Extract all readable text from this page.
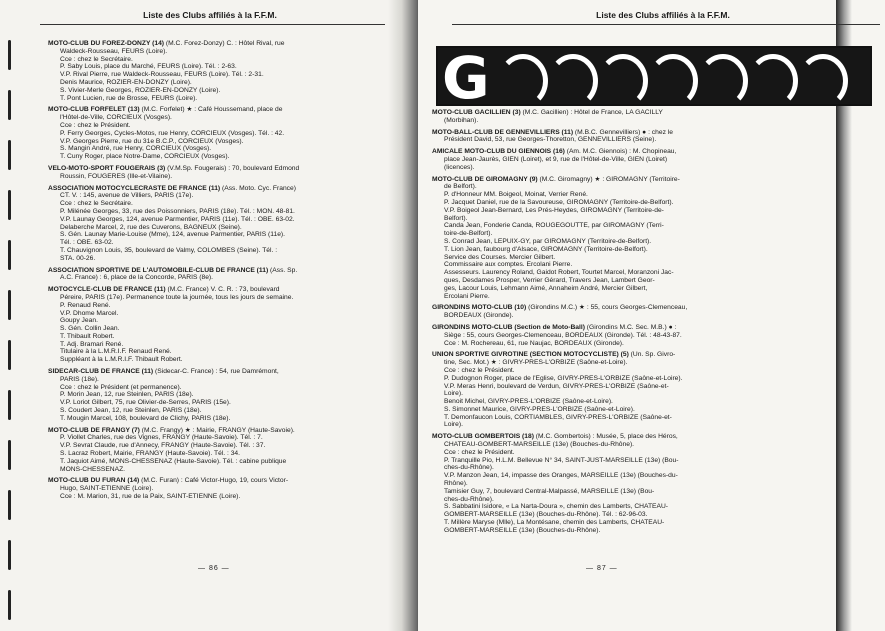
Liste des Clubs affiliés à la F.F.M.
MOTO-CLUB DU FOREZ-DONZY (14) (M.C. Forez-Donzy) C. : Hôtel Rival, rue
Waldeck-Rousseau, FEURS (Loire).
Cce : chez le Secrétaire.
P. Saby Louis, place du Marché, FEURS (Loire). Tél. : 2-63.
V.P. Rival Pierre, rue Waldeck-Rousseau, FEURS (Loire). Tél. : 2-31.
Denis Maurice, ROZIER-EN-DONZY (Loire).
S. Vivier-Merle Georges, ROZIER-EN-DONZY (Loire).
T. Pont Lucien, rue de Brosse, FEURS (Loire).
MOTO-CLUB FORFELET (13) (M.C. Forfelet) ★ : Café Houssemand, place de
l'Hôtel-de-Ville, CORCIEUX (Vosges).
Cce : chez le Président.
P. Ferry Georges, Cycles-Motos, rue Henry, CORCIEUX (Vosges). Tél. : 42.
V.P. Georges Pierre, rue du 31e B.C.P., CORCIEUX (Vosges).
S. Mangin André, rue Henry, CORCIEUX (Vosges).
T. Cuny Roger, place Notre-Dame, CORCIEUX (Vosges).
VELO-MOTO-SPORT FOUGERAIS (3) (V.M.Sp. Fougerais) : 70, boulevard Edmond
Roussin, FOUGERES (Ille-et-Vilaine).
ASSOCIATION MOTOCYCLECRASTE DE FRANCE (11) (Ass. Moto. Cyc. France)
CT. V. : 145, avenue de Villiers, PARIS (17e).
Cce : chez le Secrétaire.
P. Milénée Georges, 33, rue des Poissonniers, PARIS (18e). Tél. : MON. 48-81.
V.P. Launay Georges, 124, avenue Parmentier, PARIS (11e). Tél. : OBE. 63-02.
Delaberche Marcel, 2, rue des Cuverons, BAGNEUX (Seine).
S. Gén. Launay Marie-Louise (Mme), 124, avenue Parmentier, PARIS (11e).
Tél. : OBE. 63-02.
T. Chauvignon Louis, 35, boulevard de Valmy, COLOMBES (Seine). Tél. :
STA. 00-26.
ASSOCIATION SPORTIVE DE L'AUTOMOBILE-CLUB DE FRANCE (11) (Ass. Sp.
A.C. France) : 6, place de la Concorde, PARIS (8e).
MOTOCYCLE-CLUB DE FRANCE (11) (M.C. France) V. C. R. : 73, boulevard
Péreire, PARIS (17e). Permanence toute la journée, tous les jours de semaine.
P. Renaud René.
V.P. Dhome Marcel.
Goupy Jean.
S. Gén. Collin Jean.
T. Thibault Robert.
T. Adj. Bramari René.
Titulaire à la L.M.R.I.F. Renaud René.
Suppléant à la L.M.R.I.F. Thibault Robert.
SIDECAR-CLUB DE FRANCE (11) (Sidecar-C. France) : 54, rue Damrémont,
PARIS (18e).
Cce : chez le Président (et permanence).
P. Morin Jean, 12, rue Steinlen, PARIS (18e).
V.P. Loriot Gilbert, 75, rue Olivier-de-Serres, PARIS (15e).
S. Coudert Jean, 12, rue Steinlen, PARIS (18e).
T. Mougin Marcel, 108, boulevard de Clichy, PARIS (18e).
MOTO-CLUB DE FRANGY (7) (M.C. Frangy) ★ : Mairie, FRANGY (Haute-Savoie).
P. Viollet Charles, rue des Vignes, FRANGY (Haute-Savoie). Tél. : 7.
V.P. Sevrat Claude, rue d'Annecy, FRANGY (Haute-Savoie). Tél. : 37.
S. Lacraz Robert, Mairie, FRANGY (Haute-Savoie). Tél. : 34.
T. Jaquiot Aimé, MONS-CHESSENAZ (Haute-Savoie). Tél. : cabine publique
MONS-CHESSENAZ.
MOTO-CLUB DU FURAN (14) (M.C. Furan) : Café Victor-Hugo, 19, cours Victor-
Hugo, SAINT-ETIENNE (Loire).
Cce : M. Marion, 31, rue de la Paix, SAINT-ETIENNE (Loire).
— 86 —
Liste des Clubs affiliés à la F.F.M.
G
MOTO-CLUB GACILLIEN (3) (M.C. Gacillien) : Hôtel de France, LA GACILLY
(Morbihan).
MOTO-BALL-CLUB DE GENNEVILLIERS (11) (M.B.C. Gennevilliers) ● : chez le
Président David, 53, rue Georges-Thoretton, GENNEVILLIERS (Seine).
AMICALE MOTO-CLUB DU GIENNOIS (16) (Am. M.C. Giennois) : M. Chopineau,
place Jean-Jaurès, GIEN (Loiret), et 9, rue de l'Hôtel-de-Ville, GIEN (Loiret)
(licences).
MOTO-CLUB DE GIROMAGNY (9) (M.C. Giromagny) ★ : GIROMAGNY (Territoire-
de Belfort).
P. d'Honneur MM. Boigeol, Moinat, Verrier René.
P. Jacquet Daniel, rue de la Savoureuse, GIROMAGNY (Territoire-de-Belfort).
V.P. Boigeol Jean-Bernard, Les Prés-Heydes, GIROMAGNY (Territoire-de-
Belfort).
Canda Jean, Fonderie Canda, ROUGEGOUTTE, par GIROMAGNY (Terri-
toire-de-Belfort).
S. Conrad Jean, LEPUIX-GY, par GIROMAGNY (Territoire-de-Belfort).
T. Lion Jean, faubourg d'Alsace, GIROMAGNY (Territoire-de-Belfort).
Service des Courses. Mercier Gilbert.
Commissaire aux comptes. Ercolani Pierre.
Assesseurs. Laurency Roland, Gaidot Robert, Tourtet Marcel, Moranzoni Jac-
ques, Desdames Prosper, Verrier Gérard, Travers Jean, Lambert Geor-
ges, Lacour Louis, Lehmann Aimé, Annaheim André, Mercier Gilbert,
Ercolani Pierre.
GIRONDINS MOTO-CLUB (10) (Girondins M.C.) ★ : 55, cours Georges-Clemenceau,
BORDEAUX (Gironde).
GIRONDINS MOTO-CLUB (Section de Moto-Ball) (Girondins M.C. Sec. M.B.) ● :
Siège : 55, cours Georges-Clemenceau, BORDEAUX (Gironde). Tél. : 48-43-87.
Cce : M. Rochereau, 61, rue Naujac, BORDEAUX (Gironde).
UNION SPORTIVE GIVROTINE (SECTION MOTOCYCLISTE) (5) (Un. Sp. Givro-
tine, Sec. Mot.) ★ : GIVRY-PRES-L'ORBIZE (Saône-et-Loire).
Cce : chez le Président.
P. Dudognon Roger, place de l'Eglise, GIVRY-PRES-L'ORBIZE (Saône-et-Loire).
V.P. Meras Henri, boulevard de Verdun, GIVRY-PRES-L'ORBIZE (Saône-et-
Loire).
Benoit Michel, GIVRY-PRES-L'ORBIZE (Saône-et-Loire).
S. Simonnet Maurice, GIVRY-PRES-L'ORBIZE (Saône-et-Loire).
T. Demonfaucon Louis, CORTIAMBLES, GIVRY-PRES-L'ORBIZE (Saône-et-
Loire).
MOTO-CLUB GOMBERTOIS (18) (M.C. Gombertois) : Musée, 5, place des Héros,
CHATEAU-GOMBERT-MARSEILLE (13e) (Bouches-du-Rhône).
Cce : chez le Président.
P. Tranquille Pio, H.L.M. Bellevue N° 34, SAINT-JUST-MARSEILLE (13e) (Bou-
ches-du-Rhône).
V.P. Manzon Jean, 14, impasse des Oranges, MARSEILLE (13e) (Bouches-du-
Rhône).
Tamisier Guy, 7, boulevard Central-Malpassé, MARSEILLE (13e) (Bou-
ches-du-Rhône).
S. Sabbatini Isidore, « La Narta-Doura », chemin des Lamberts, CHATEAU-
GOMBERT-MARSEILLE (13e) (Bouches-du-Rhône). Tél. : 62-96-03.
T. Millère Maryse (Mlle), La Montésane, chemin des Lamberts, CHATEAU-
GOMBERT-MARSEILLE (13e) (Bouches-du-Rhône).
— 87 —
